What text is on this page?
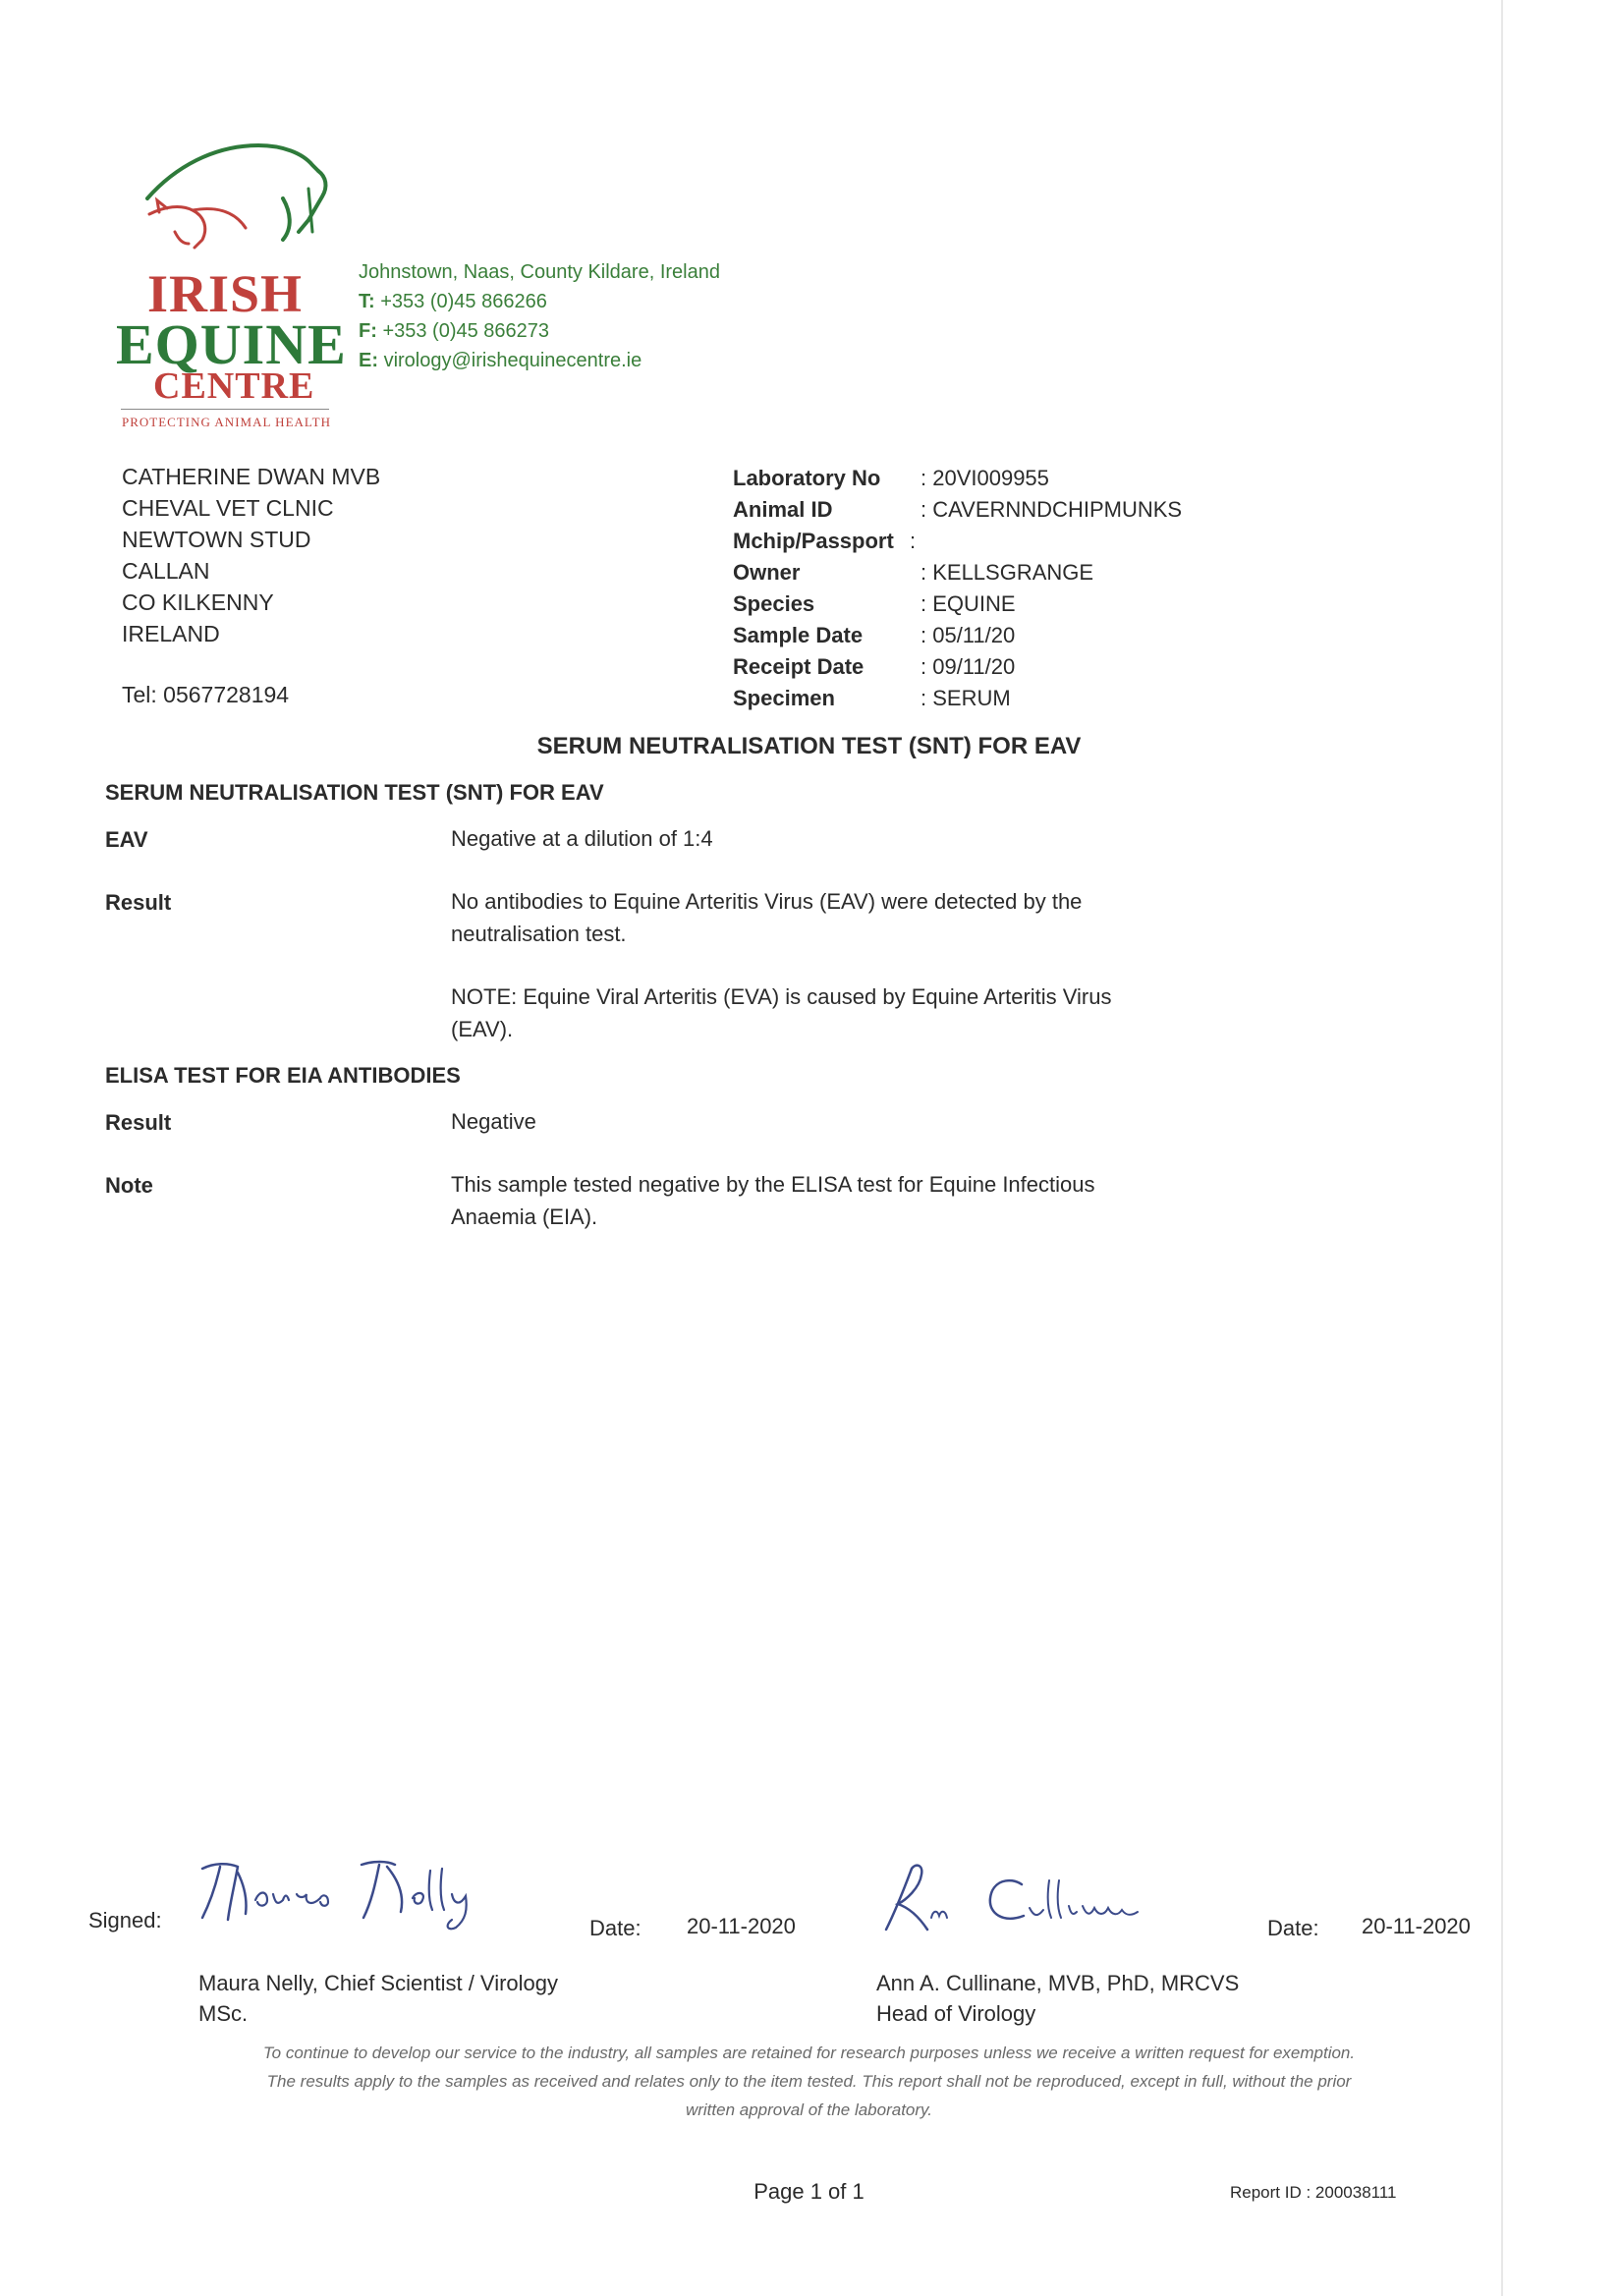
IRISH
EQUINE
CENTRE
PROTECTING ANIMAL HEALTH
Johnstown, Naas, County Kildare, Ireland
T: +353 (0)45 866266
F: +353 (0)45 866273
E: virology@irishequinecentre.ie
CATHERINE DWAN MVB
CHEVAL VET CLNIC
NEWTOWN STUD
CALLAN
CO KILKENNY
IRELAND
Tel: 0567728194
Laboratory No : 20VI009955
Animal ID	: CAVERNNDCHIPMUNKS
Mchip/Passport :
Owner	: KELLSGRANGE
Species	: EQUINE
Sample Date	: 05/11/20
Receipt Date	: 09/11/20
Specimen	: SERUM
SERUM NEUTRALISATION TEST (SNT) FOR EAV
SERUM NEUTRALISATION TEST (SNT) FOR EAV
EAV	Negative at a dilution of 1:4
Result	No antibodies to Equine Arteritis Virus (EAV) were detected by the neutralisation test.
NOTE: Equine Viral Arteritis (EVA) is caused by Equine Arteritis Virus (EAV).
ELISA TEST FOR EIA ANTIBODIES
Result	Negative
Note	This sample tested negative by the ELISA test for Equine Infectious Anaemia (EIA).
Signed:	Date: 20-11-2020
Maura Nelly, Chief Scientist / Virology
MSc.
Date: 20-11-2020
Ann A. Cullinane, MVB, PhD, MRCVS
Head of Virology
To continue to develop our service to the industry, all samples are retained for research purposes unless we receive a written request for exemption.
The results apply to the samples as received and relates only to the item tested. This report shall not be reproduced, except in full, without the prior
written approval of the laboratory.
Page 1 of 1	Report ID : 200038111
